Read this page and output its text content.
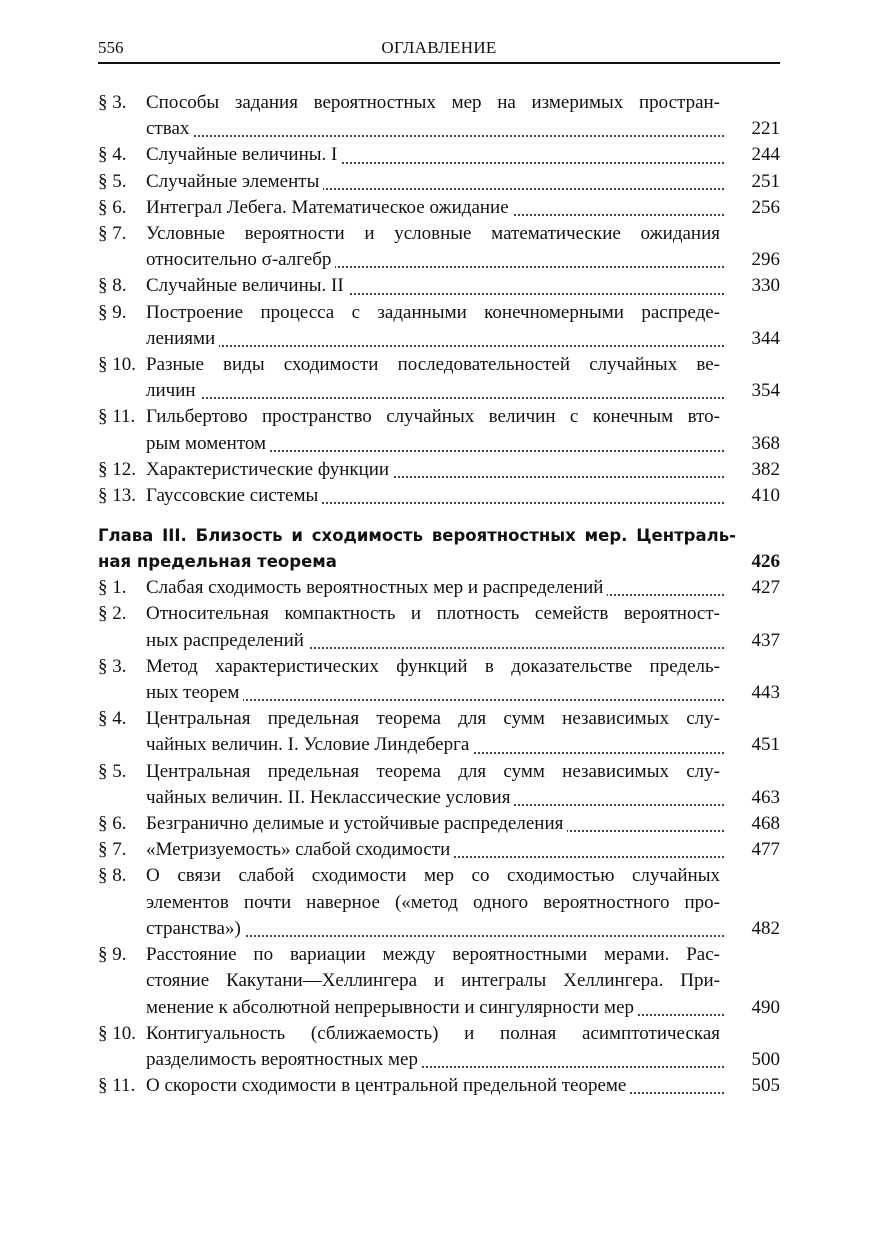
556	ОГЛАВЛЕНИЕ
§ 3.	Способы задания вероятностных мер на измеримых простран-
ствах	221
§ 4.	Случайные величины. I	244
§ 5.	Случайные элементы	251
§ 6.	Интеграл Лебега. Математическое ожидание	256
§ 7.	Условные вероятности и условные математические ожидания
относительно σ-алгебр	296
§ 8.	Случайные величины. II	330
§ 9.	Построение процесса с заданными конечномерными распреде-
лениями	344
§ 10. Разные виды сходимости последовательностей случайных ве-
личин	354
§ 11. Гильбертово пространство случайных величин с конечным вто-
рым моментом	368
§ 12. Характеристические функции	382
§ 13. Гауссовские системы	410
Глава III. Близость и сходимость вероятностных мер. Централь-
ная предельная теорема	426
§ 1.	Слабая сходимость вероятностных мер и распределений	427
§ 2.	Относительная компактность и плотность семейств вероятност-
ных распределений	437
§ 3.	Метод характеристических функций в доказательстве предель-
ных теорем	443
§ 4.	Центральная предельная теорема для сумм независимых слу-
чайных величин. I. Условие Линдеберга	451
§ 5.	Центральная предельная теорема для сумм независимых слу-
чайных величин. II. Неклассические условия	463
§ 6.	Безгранично делимые и устойчивые распределения	468
§ 7.	«Метризуемость» слабой сходимости	477
§ 8.	О связи слабой сходимости мер со сходимостью случайных
элементов почти наверное («метод одного вероятностного про-
странства»)	482
§ 9.	Расстояние по вариации между вероятностными мерами. Рас-
стояние Какутани—Хеллингера и интегралы Хеллингера. При-
менение к абсолютной непрерывности и сингулярности мер	490
§ 10. Контигуальность (сближаемость) и полная асимптотическая
разделимость вероятностных мер	500
§ 11. О скорости сходимости в центральной предельной теореме	505
